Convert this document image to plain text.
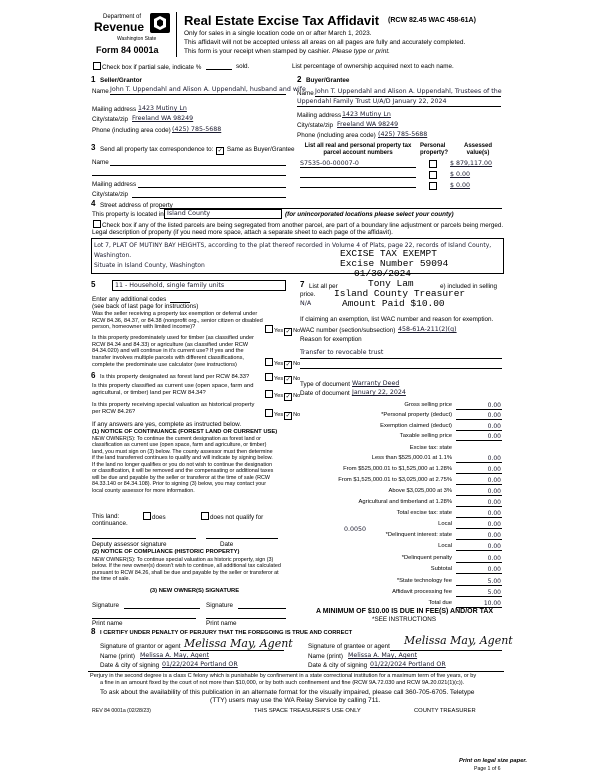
Department of
Revenue
Washington State
Form 84 0001a
Real Estate Excise Tax Affidavit (RCW 82.45 WAC 458-61A)
Only for sales in a single location code on or after March 1, 2023.
This affidavit will not be accepted unless all areas on all pages are fully and accurately completed.
This form is your receipt when stamped by cashier. Please type or print.
Check box if partial sale, indicate %	sold.	List percentage of ownership acquired next to each name.
1 Seller/Grantor
Name John T. Uppendahl and Alison A. Uppendahl, husband and wife
Mailing address 1423 Mutiny Ln
City/state/zip Freeland WA 98249
Phone (including area code) (425) 785-5688
2 Buyer/Grantee
Name John T. Uppendahl and Alison A. Uppendahl, Trustees of the
Uppendahl Family Trust U/A/D January 22, 2024
Mailing address 1423 Mutiny Ln
City/state/zip Freeland WA 98249
Phone (including area code) (425) 785-5688
3 Send all property tax correspondence to: ✓ Same as Buyer/Grantee
Name
Mailing address
City/state/zip
List all real and personal property tax parcel account numbers
Personal property?
Assessed value(s)
S7535-00-00007-0	$ 879,117.00
$ 0.00
$ 0.00
4 Street address of property
This property is located in Island County	(for unincorporated locations please select your county)
Check box if any of the listed parcels are being segregated from another parcel, are part of a boundary line adjustment or parcels being merged.
Legal description of property (if you need more space, attach a separate sheet to each page of the affidavit).
Lot 7, PLAT OF MUTINY BAY HEIGHTS, according to the plat thereof recorded in Volume 4 of Plats, page 22, records of Island County,
Washington.
Situate in Island County, Washington
EXCISE TAX EXEMPT
Excise Number 59094
01/30/2024
Tony Lam
Island County Treasurer
Amount Paid $10.00
5	11 - Household, single family units
Enter any additional codes
(see back of last page for instructions)
Was the seller receiving a property tax exemption or deferral under RCW 84.36, 84.37, or 84.38 (nonprofit org., senior citizen or disabled person, homeowner with limited income)?
Yes ✓ No
Is this property predominately used for timber (as classified under RCW 84.34 and 84.33) or agriculture (as classified under RCW 84.34.020) and will continue in it's current use? If yes and the transfer involves multiple parcels with different classifications, complete the predominate use calculator (see instructions)	Yes ✓ No
6 Is this property designated as forest land per RCW 84.33?	Yes ✓ No
Is this property classified as current use (open space, farm and agricultural, or timber) land per RCW 84.34?
Yes ✓ No
Is this property receiving special valuation as historical property per RCW 84.26?
Yes ✓ No
If any answers are yes, complete as instructed below.
(1) NOTICE OF CONTINUANCE (FOREST LAND OR CURRENT USE)
NEW OWNER(S): To continue the current designation as forest land or classification as current use (open space, farm and agriculture, or timber) land, you must sign on (3) below. The county assessor must then determine if the land transferred continues to qualify and will indicate by signing below. If the land no longer qualifies or you do not wish to continue the designation or classification, it will be removed and the compensating or additional taxes will be due and payable by the seller or transferor at the time of sale (RCW 84.33.140 or 84.34.108). Prior to signing (3) below, you may contact your local county assessor for more information.
This land:	does	does not qualify for
continuance.
Deputy assessor signature	Date
(2) NOTICE OF COMPLIANCE (HISTORIC PROPERTY)
NEW OWNER(S): To continue special valuation as historic property, sign (3) below. If the new owner(s) doesn't wish to continue, all additional tax calculated pursuant to RCW 84.26, shall be due and payable by the seller or transferor at the time of sale.
(3) NEW OWNER(S) SIGNATURE
Signature	Signature
Print name	Print name
7 List all per
price.
e) included in selling
N/A
If claiming an exemption, list WAC number and reason for exemption.
WAC number (section/subsection) 458-61A-211(2)(g)
Reason for exemption
Transfer to revocable trust
Type of document Warranty Deed
Date of document January 22, 2024
Gross selling price	0.00
*Personal property (deduct)	0.00
Exemption claimed (deduct)	0.00
Taxable selling price	0.00
Excise tax: state
Less than $525,000.01 at 1.1%	0.00
From $525,000.01 to $1,525,000 at 1.28%	0.00
From $1,525,000.01 to $3,025,000 at 2.75%	0.00
Above $3,025,000 at 3%	0.00
Agricultural and timberland at 1.28%	0.00
Total excise tax: state	0.00
Local	0.00
*Delinquent interest: state	0.00
Local	0.00
*Delinquent penalty	0.00
Subtotal	0.00
*State technology fee	5.00
Affidavit processing fee	5.00
Total due	10.00
0.0050
A MINIMUM OF $10.00 IS DUE IN FEE(S) AND/OR TAX
*SEE INSTRUCTIONS
8 I CERTIFY UNDER PENALTY OF PERJURY THAT THE FOREGOING IS TRUE AND CORRECT
Signature of grantor or agent Melissa May, Agent
Name (print) Melissa A. May, Agent
Date & city of signing 01/22/2024 Portland OR
Signature of grantee or agent Melissa May, Agent
Name (print) Melissa A. May, Agent
Date & city of signing 01/22/2024 Portland OR
Perjury in the second degree is a class C felony which is punishable by confinement in a state correctional institution for a maximum term of five years, or by
a fine in an amount fixed by the court of not more than $10,000, or by both such confinement and fine (RCW 9A.72.030 and RCW 9A.20.021(1)(c)).
To ask about the availability of this publication in an alternate format for the visually impaired, please call 360-705-6705. Teletype
(TTY) users may use the WA Relay Service by calling 711.
REV 84 0001a (02/28/23)	THIS SPACE TREASURER'S USE ONLY	COUNTY TREASURER
Print on legal size paper.
Page 1 of 6
